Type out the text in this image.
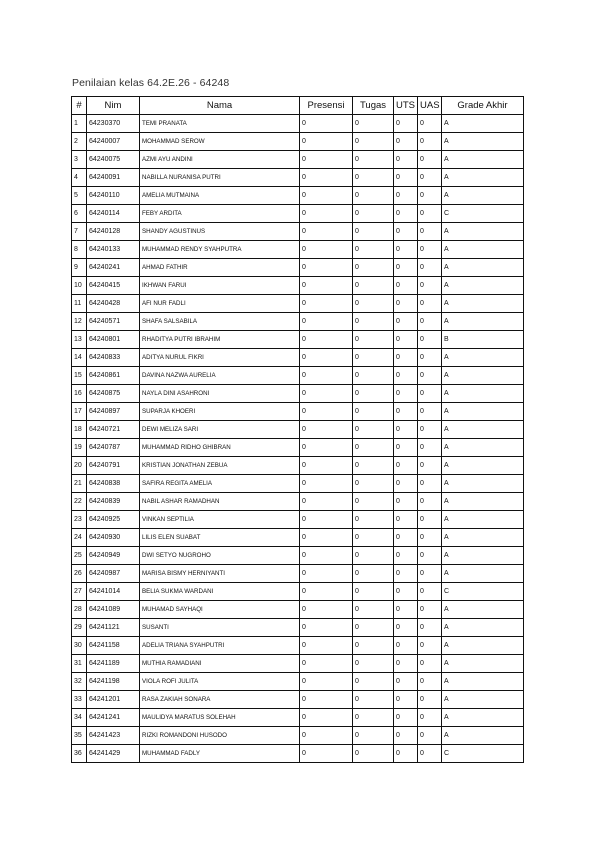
Penilaian kelas 64.2E.26 - 64248
#	Nim	Nama	Presensi	Tugas	UTS	UAS	Grade Akhir
1	64230370	TEMI PRANATA	0	0	0	0	A
2	64240007	MOHAMMAD SEROW	0	0	0	0	A
3	64240075	AZMI AYU ANDINI	0	0	0	0	A
4	64240091	NABILLA NURANISA PUTRI	0	0	0	0	A
5	64240110	AMELIA MUTMAINA	0	0	0	0	A
6	64240114	FEBY ARDITA	0	0	0	0	C
7	64240128	SHANDY AGUSTINUS	0	0	0	0	A
8	64240133	MUHAMMAD RENDY SYAHPUTRA	0	0	0	0	A
9	64240241	AHMAD FATHIR	0	0	0	0	A
10	64240415	IKHWAN FARUI	0	0	0	0	A
11	64240428	AFI NUR FADLI	0	0	0	0	A
12	64240571	SHAFA SALSABILA	0	0	0	0	A
13	64240801	RHADITYA PUTRI IBRAHIM	0	0	0	0	B
14	64240833	ADITYA NURUL FIKRI	0	0	0	0	A
15	64240861	DAVINA NAZWA AURELIA	0	0	0	0	A
16	64240875	NAYLA DINI ASAHRONI	0	0	0	0	A
17	64240897	SUPARJA KHOERI	0	0	0	0	A
18	64240721	DEWI MELIZA SARI	0	0	0	0	A
19	64240787	MUHAMMAD RIDHO GHIBRAN	0	0	0	0	A
20	64240791	KRISTIAN JONATHAN ZEBUA	0	0	0	0	A
21	64240838	SAFIRA REGITA AMELIA	0	0	0	0	A
22	64240839	NABIL ASHAR RAMADHAN	0	0	0	0	A
23	64240925	VINKAN SEPTILIA	0	0	0	0	A
24	64240930	LILIS ELEN SUABAT	0	0	0	0	A
25	64240949	DWI SETYO NUGROHO	0	0	0	0	A
26	64240987	MARISA BISMY HERNIYANTI	0	0	0	0	A
27	64241014	BELIA SUKMA WARDANI	0	0	0	0	C
28	64241089	MUHAMAD SAYHAQI	0	0	0	0	A
29	64241121	SUSANTI	0	0	0	0	A
30	64241158	ADELIA TRIANA SYAHPUTRI	0	0	0	0	A
31	64241189	MUTHIA RAMADIANI	0	0	0	0	A
32	64241198	VIOLA ROFI JULITA	0	0	0	0	A
33	64241201	RASA ZAKIAH SONARA	0	0	0	0	A
34	64241241	MAULIDYA MARATUS SOLEHAH	0	0	0	0	A
35	64241423	RIZKI ROMANDONI HUSODO	0	0	0	0	A
36	64241429	MUHAMMAD FADLY	0	0	0	0	C
